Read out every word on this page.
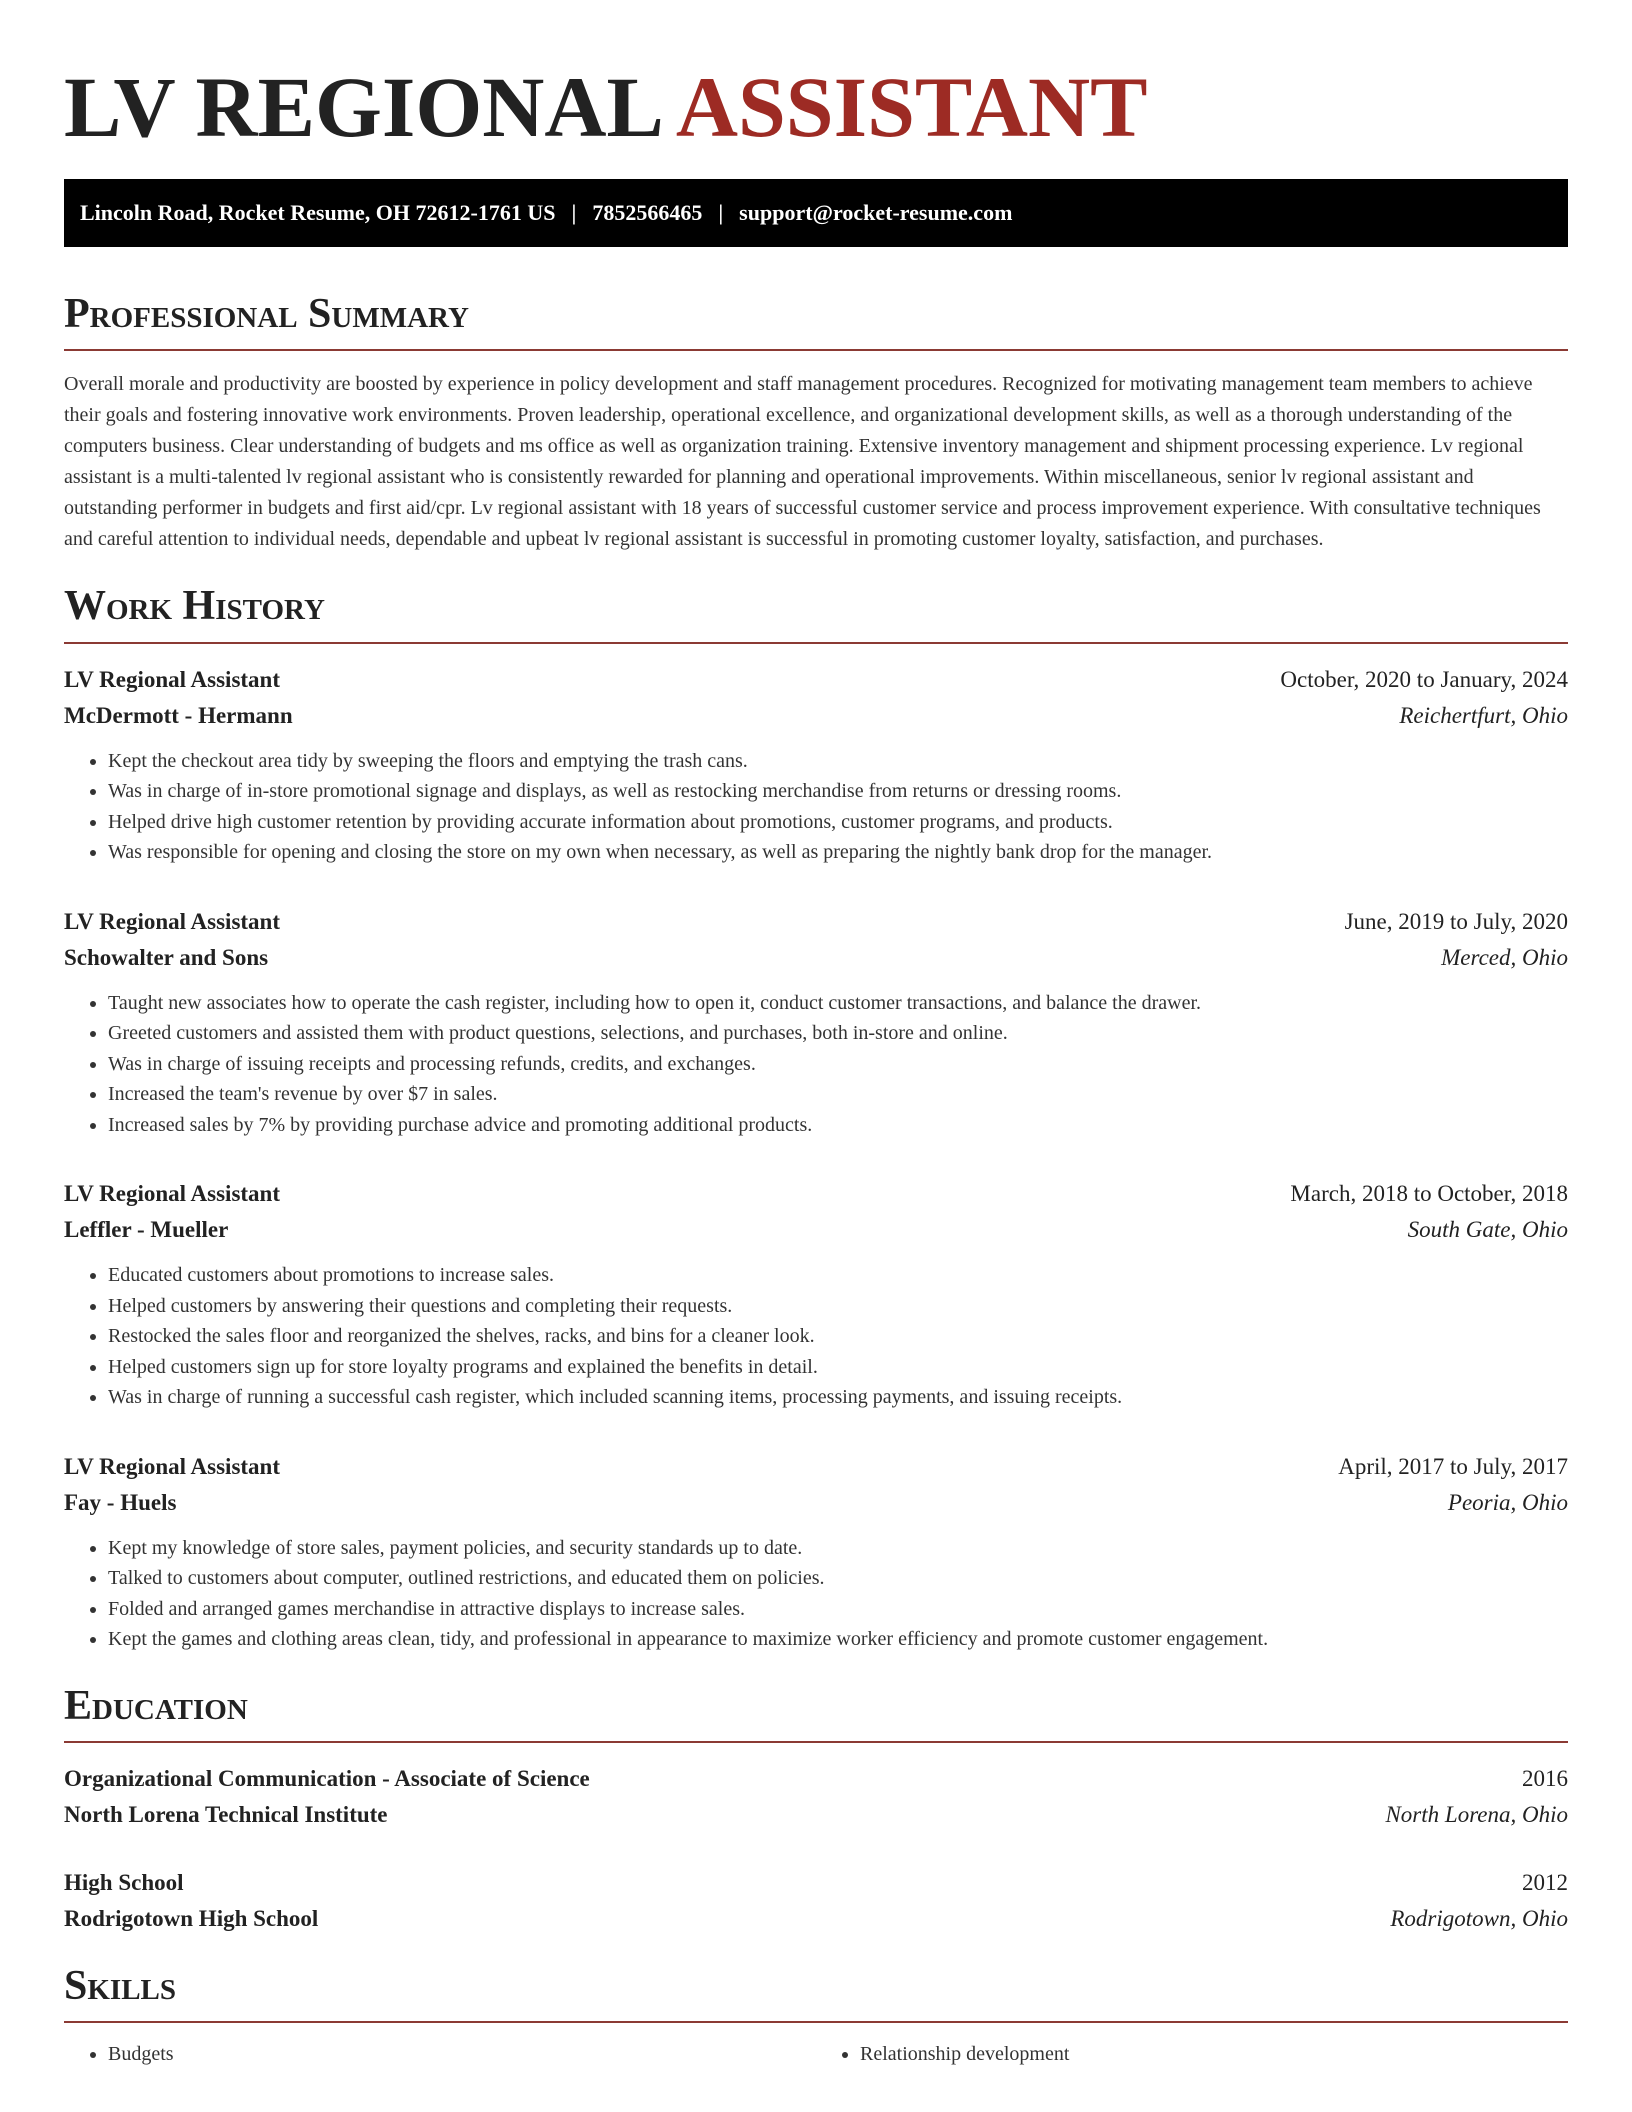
LV REGIONAL ASSISTANT
Lincoln Road, Rocket Resume, OH 72612-1761 US | 7852566465 | support@rocket-resume.com
Professional Summary

Overall morale and productivity are boosted by experience in policy development and staff management procedures. Recognized for motivating management team members to achieve their goals and fostering innovative work environments. Proven leadership, operational excellence, and organizational development skills, as well as a thorough understanding of the computers business. Clear understanding of budgets and ms office as well as organization training. Extensive inventory management and shipment processing experience. Lv regional assistant is a multi-talented lv regional assistant who is consistently rewarded for planning and operational improvements. Within miscellaneous, senior lv regional assistant and outstanding performer in budgets and first aid/cpr. Lv regional assistant with 18 years of successful customer service and process improvement experience. With consultative techniques and careful attention to individual needs, dependable and upbeat lv regional assistant is successful in promoting customer loyalty, satisfaction, and purchases.

Work History
LV Regional Assistant	October, 2020 to January, 2024
McDermott - Hermann	Reichertfurt, Ohio
• Kept the checkout area tidy by sweeping the floors and emptying the trash cans.
• Was in charge of in-store promotional signage and displays, as well as restocking merchandise from returns or dressing rooms.
• Helped drive high customer retention by providing accurate information about promotions, customer programs, and products.
• Was responsible for opening and closing the store on my own when necessary, as well as preparing the nightly bank drop for the manager.
LV Regional Assistant	June, 2019 to July, 2020
Schowalter and Sons	Merced, Ohio
• Taught new associates how to operate the cash register, including how to open it, conduct customer transactions, and balance the drawer.
• Greeted customers and assisted them with product questions, selections, and purchases, both in-store and online.
• Was in charge of issuing receipts and processing refunds, credits, and exchanges.
• Increased the team's revenue by over $7 in sales.
• Increased sales by 7% by providing purchase advice and promoting additional products.
LV Regional Assistant	March, 2018 to October, 2018
Leffler - Mueller	South Gate, Ohio
• Educated customers about promotions to increase sales.
• Helped customers by answering their questions and completing their requests.
• Restocked the sales floor and reorganized the shelves, racks, and bins for a cleaner look.
• Helped customers sign up for store loyalty programs and explained the benefits in detail.
• Was in charge of running a successful cash register, which included scanning items, processing payments, and issuing receipts.
LV Regional Assistant	April, 2017 to July, 2017
Fay - Huels	Peoria, Ohio
• Kept my knowledge of store sales, payment policies, and security standards up to date.
• Talked to customers about computer, outlined restrictions, and educated them on policies.
• Folded and arranged games merchandise in attractive displays to increase sales.
• Kept the games and clothing areas clean, tidy, and professional in appearance to maximize worker efficiency and promote customer engagement.
Education
Organizational Communication - Associate of Science	2016
North Lorena Technical Institute	North Lorena, Ohio
High School	2012
Rodrigotown High School	Rodrigotown, Ohio
Skills
• Budgets
•	Relationship development
